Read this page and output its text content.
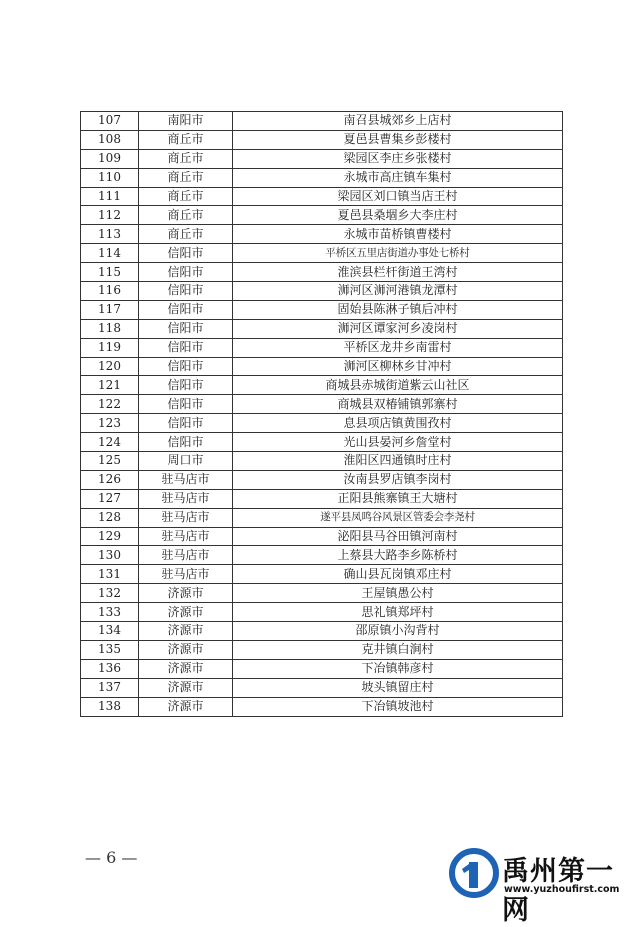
107	南阳市	南召县城郊乡上店村
108	商丘市	夏邑县曹集乡彭楼村
109	商丘市	梁园区李庄乡张楼村
110	商丘市	永城市高庄镇车集村
111	商丘市	梁园区刘口镇当店王村
112	商丘市	夏邑县桑堌乡大李庄村
113	商丘市	永城市苗桥镇曹楼村
114	信阳市	平桥区五里店街道办事处七桥村
115	信阳市	淮滨县栏杆街道王湾村
116	信阳市	浉河区浉河港镇龙潭村
117	信阳市	固始县陈淋子镇后冲村
118	信阳市	浉河区谭家河乡凌岗村
119	信阳市	平桥区龙井乡南雷村
120	信阳市	浉河区柳林乡甘冲村
121	信阳市	商城县赤城街道紫云山社区
122	信阳市	商城县双椿铺镇郭寨村
123	信阳市	息县项店镇黄围孜村
124	信阳市	光山县晏河乡詹堂村
125	周口市	淮阳区四通镇时庄村
126	驻马店市	汝南县罗店镇李岗村
127	驻马店市	正阳县熊寨镇王大塘村
128	驻马店市	遂平县凤鸣谷风景区管委会李尧村
129	驻马店市	泌阳县马谷田镇河南村
130	驻马店市	上蔡县大路李乡陈桥村
131	驻马店市	确山县瓦岗镇邓庄村
132	济源市	王屋镇愚公村
133	济源市	思礼镇郑坪村
134	济源市	邵原镇小沟背村
135	济源市	克井镇白涧村
136	济源市	下冶镇韩彦村
137	济源市	坡头镇留庄村
138	济源市	下冶镇坡池村
— 6 —	禹州第一网
www.yuzhoufirst.com
